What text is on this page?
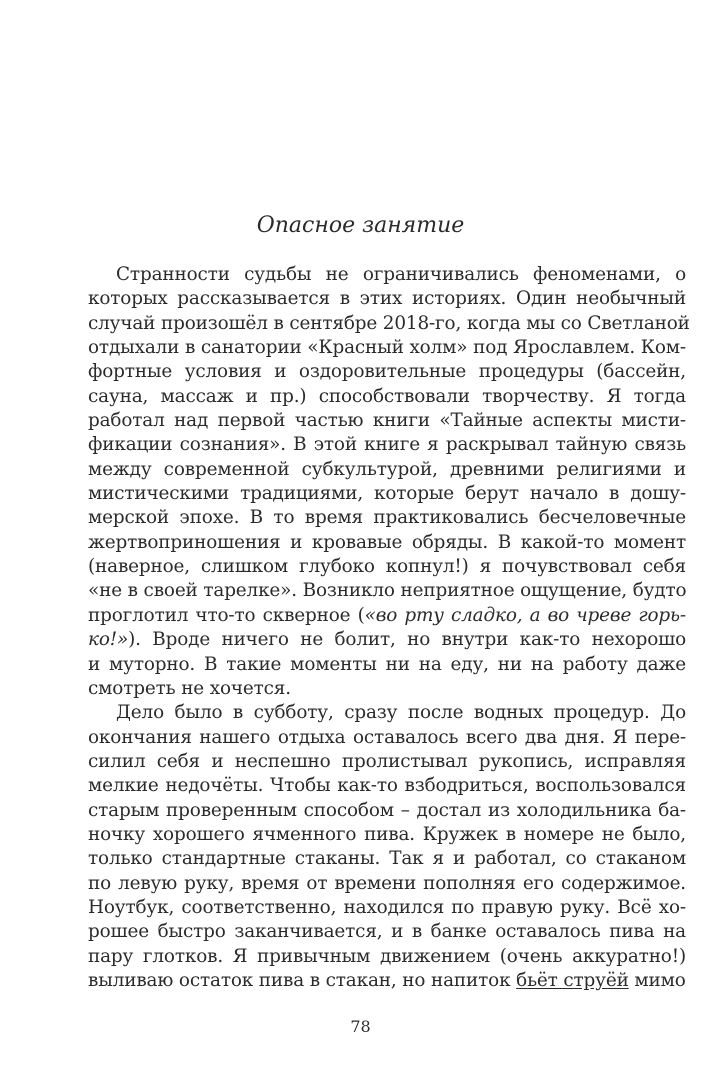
Опасное занятие
Странности судьбы не ограничивались феноменами, о
которых рассказывается в этих историях. Один необычный
случай произошёл в сентябре 2018-го, когда мы со Светланой
отдыхали в санатории «Красный холм» под Ярославлем. Ком-
фортные условия и оздоровительные процедуры (бассейн,
сауна, массаж и пр.) способствовали творчеству. Я тогда
работал над первой частью книги «Тайные аспекты мисти-
фикации сознания». В этой книге я раскрывал тайную связь
между современной субкультурой, древними религиями и
мистическими традициями, которые берут начало в дошу-
мерской эпохе. В то время практиковались бесчеловечные
жертвоприношения и кровавые обряды. В какой-то момент
(наверное, слишком глубоко копнул!) я почувствовал себя
«не в своей тарелке». Возникло неприятное ощущение, будто
проглотил что-то скверное («во рту сладко, а во чреве горь-
ко!»). Вроде ничего не болит, но внутри как-то нехорошо
и муторно. В такие моменты ни на еду, ни на работу даже
смотреть не хочется.
Дело было в субботу, сразу после водных процедур. До
окончания нашего отдыха оставалось всего два дня. Я пере-
силил себя и неспешно пролистывал рукопись, исправляя
мелкие недочёты. Чтобы как-то взбодриться, воспользовался
старым проверенным способом – достал из холодильника ба-
ночку хорошего ячменного пива. Кружек в номере не было,
только стандартные стаканы. Так я и работал, со стаканом
по левую руку, время от времени пополняя его содержимое.
Ноутбук, соответственно, находился по правую руку. Всё хо-
рошее быстро заканчивается, и в банке оставалось пива на
пару глотков. Я привычным движением (очень аккуратно!)
выливаю остаток пива в стакан, но напиток бьёт струёй мимо
78
